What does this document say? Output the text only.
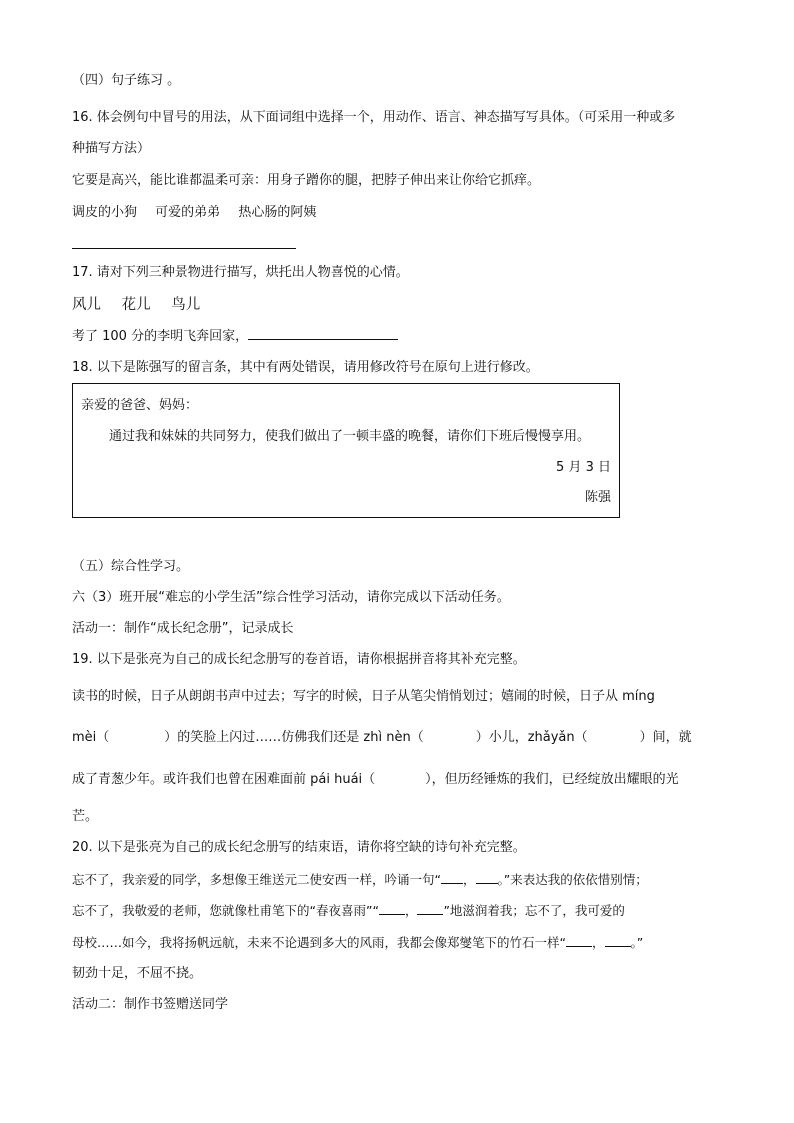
（四）句子练习 。
16. 体会例句中冒号的用法，从下面词组中选择一个，用动作、语言、神态描写写具体。（可采用一种或多
种描写方法）
它要是高兴，能比谁都温柔可亲：用身子蹭你的腿，把脖子伸出来让你给它抓痒。
调皮的小狗 可爱的弟弟 热心肠的阿姨
17. 请对下列三种景物进行描写，烘托出人物喜悦的心情。
风儿 花儿 鸟儿
考了 100 分的李明飞奔回家，
18. 以下是陈强写的留言条，其中有两处错误，请用修改符号在原句上进行修改。
亲爱的爸爸、妈妈：
通过我和妹妹的共同努力，使我们做出了一顿丰盛的晚餐，请你们下班后慢慢享用。
5 月 3 日
陈强
（五）综合性学习。
六（3）班开展“难忘的小学生活”综合性学习活动，请你完成以下活动任务。
活动一：制作“成长纪念册”，记录成长
19. 以下是张亮为自己的成长纪念册写的卷首语，请你根据拼音将其补充完整。
读书的时候，日子从朗朗书声中过去；写字的时候，日子从笔尖悄悄划过；嬉闹的时候，日子从 míng
mèi（	）的笑脸上闪过……仿佛我们还是 zhì nèn（	）小儿，zhǎyǎn（	）间，就
成了青葱少年。或许我们也曾在困难面前 pái huái（	），但历经锤炼的我们，已经绽放出耀眼的光
芒。
20. 以下是张亮为自己的成长纪念册写的结束语，请你将空缺的诗句补充完整。
忘不了，我亲爱的同学，多想像王维送元二使安西一样，吟诵一句“ ， 。”来表达我的依依惜别情；
忘不了，我敬爱的老师，您就像杜甫笔下的“春夜喜雨”“ ， ”地滋润着我；忘不了，我可爱的
母校……如今，我将扬帆远航，未来不论遇到多大的风雨，我都会像郑燮笔下的竹石一样“ ， 。”
韧劲十足，不屈不挠。
活动二：制作书签赠送同学
